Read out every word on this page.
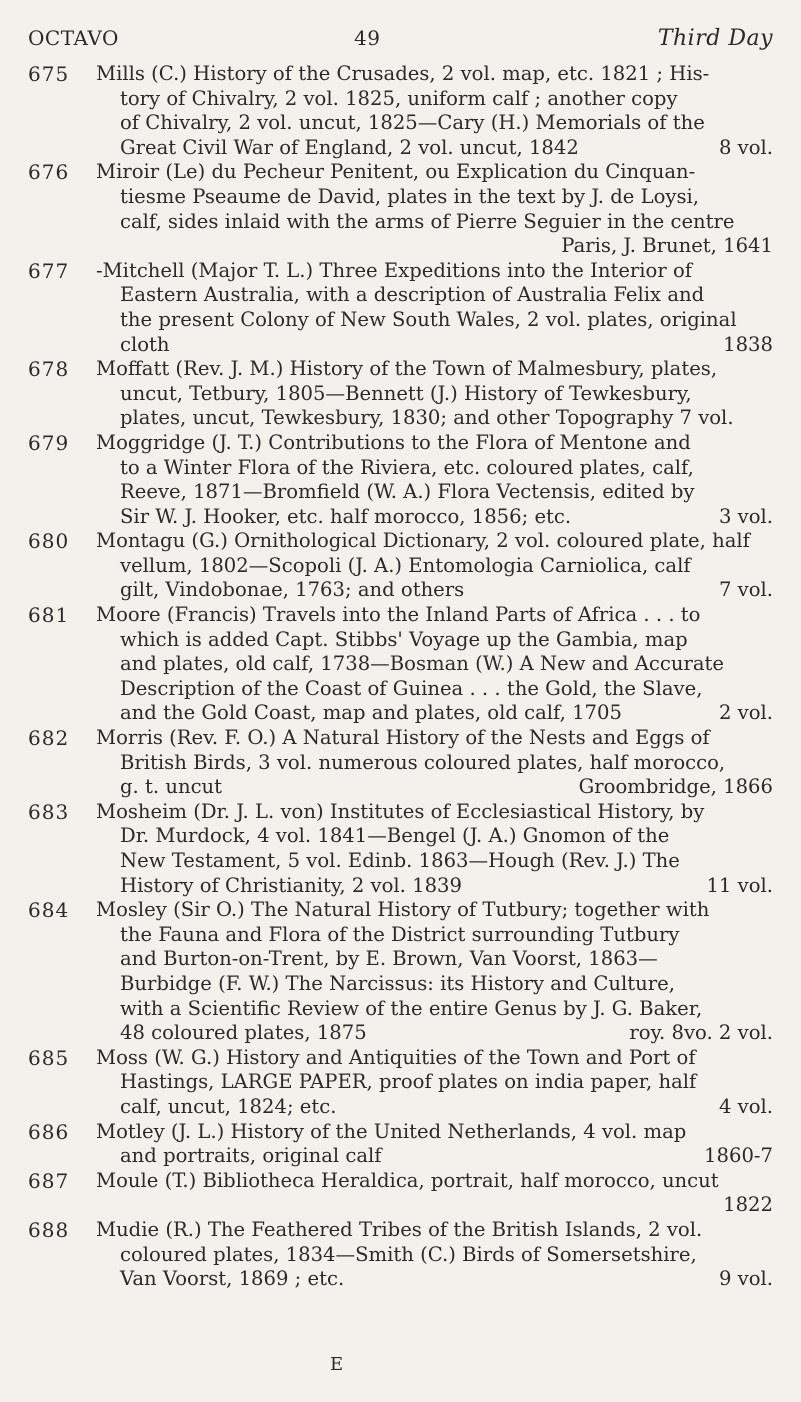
OCTAVO	49	Third Day
675 Mills (C.) History of the Crusades, 2 vol. map, etc. 1821 ; His-
tory of Chivalry, 2 vol. 1825, uniform calf ; another copy
of Chivalry, 2 vol. uncut, 1825—Cary (H.) Memorials of the
Great Civil War of England, 2 vol. uncut, 1842	8 vol.
676 Miroir (Le) du Pecheur Penitent, ou Explication du Cinquan-
tiesme Pseaume de David, plates in the text by J. de Loysi,
calf, sides inlaid with the arms of Pierre Seguier in the centre
Paris, J. Brunet, 1641
677 -Mitchell (Major T. L.) Three Expeditions into the Interior of
Eastern Australia, with a description of Australia Felix and
the present Colony of New South Wales, 2 vol. plates, original
cloth	1838
678 Moffatt (Rev. J. M.) History of the Town of Malmesbury, plates,
uncut, Tetbury, 1805—Bennett (J.) History of Tewkesbury,
plates, uncut, Tewkesbury, 1830; and other Topography 7 vol.
679 Moggridge (J. T.) Contributions to the Flora of Mentone and
to a Winter Flora of the Riviera, etc. coloured plates, calf,
Reeve, 1871—Bromfield (W. A.) Flora Vectensis, edited by
Sir W. J. Hooker, etc. half morocco, 1856; etc.	3 vol.
680 Montagu (G.) Ornithological Dictionary, 2 vol. coloured plate, half
vellum, 1802—Scopoli (J. A.) Entomologia Carniolica, calf
gilt, Vindobonae, 1763; and others	7 vol.
681 Moore (Francis) Travels into the Inland Parts of Africa . . . to
which is added Capt. Stibbs' Voyage up the Gambia, map
and plates, old calf, 1738—Bosman (W.) A New and Accurate
Description of the Coast of Guinea . . . the Gold, the Slave,
and the Gold Coast, map and plates, old calf, 1705	2 vol.
682 Morris (Rev. F. O.) A Natural History of the Nests and Eggs of
British Birds, 3 vol. numerous coloured plates, half morocco,
g. t. uncut	Groombridge, 1866
683 Mosheim (Dr. J. L. von) Institutes of Ecclesiastical History, by
Dr. Murdock, 4 vol. 1841—Bengel (J. A.) Gnomon of the
New Testament, 5 vol. Edinb. 1863—Hough (Rev. J.) The
History of Christianity, 2 vol. 1839	11 vol.
684 Mosley (Sir O.) The Natural History of Tutbury; together with
the Fauna and Flora of the District surrounding Tutbury
and Burton-on-Trent, by E. Brown, Van Voorst, 1863—
Burbidge (F. W.) The Narcissus: its History and Culture,
with a Scientific Review of the entire Genus by J. G. Baker,
48 coloured plates, 1875	roy. 8vo. 2 vol.
685 Moss (W. G.) History and Antiquities of the Town and Port of
Hastings, LARGE PAPER, proof plates on india paper, half
calf, uncut, 1824; etc.	4 vol.
686 Motley (J. L.) History of the United Netherlands, 4 vol. map
and portraits, original calf	1860-7
687 Moule (T.) Bibliotheca Heraldica, portrait, half morocco, uncut
1822
688 Mudie (R.) The Feathered Tribes of the British Islands, 2 vol.
coloured plates, 1834—Smith (C.) Birds of Somersetshire,
Van Voorst, 1869 ; etc.	9 vol.
E
